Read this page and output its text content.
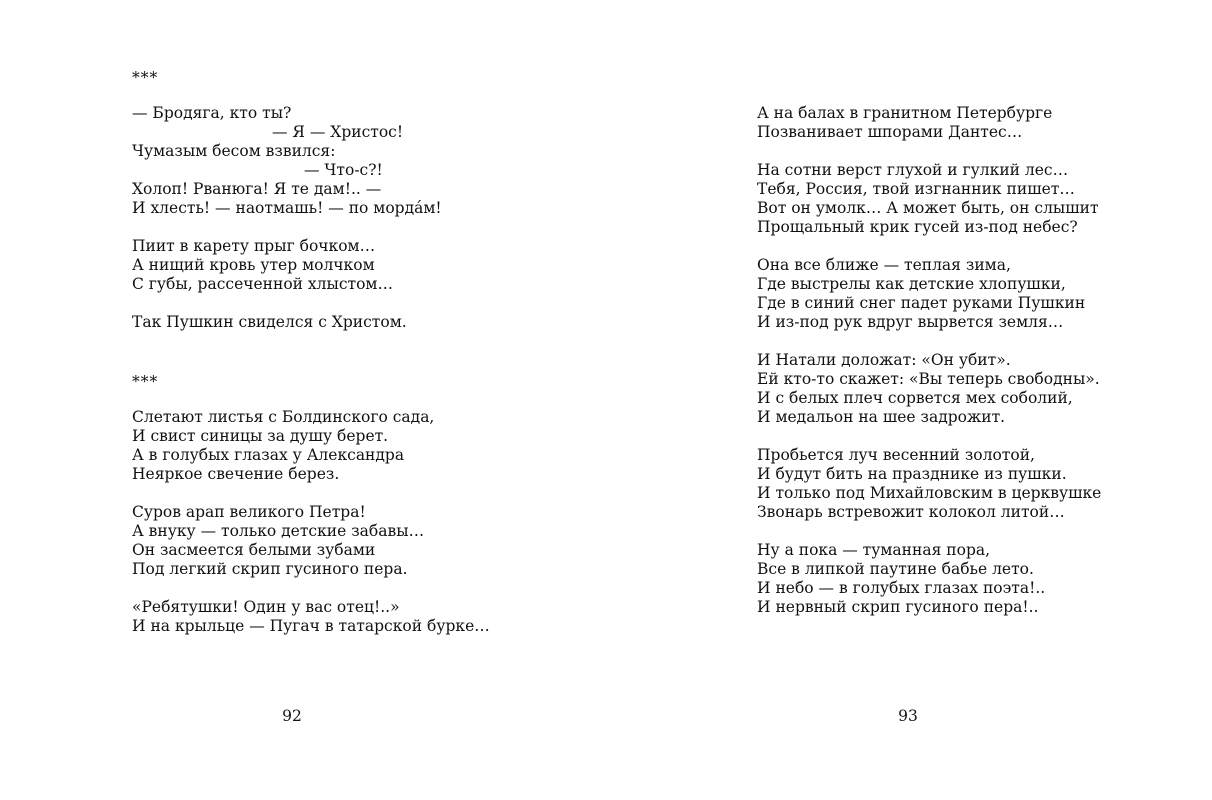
***
— Бродяга, кто ты?
— Я — Христос!
Чумазым бесом взвился:
— Что-с?!
Холоп! Рванюга! Я те дам!.. —
И хлесть! — наотмашь! — по мордáм!
Пиит в карету прыг бочком…
А нищий кровь утер молчком
С губы, рассеченной хлыстом…
Так Пушкин свиделся с Христом.
***
Слетают листья с Болдинского сада,
И свист синицы за душу берет.
А в голубых глазах у Александра
Неяркое свечение берез.
Суров арап великого Петра!
А внуку — только детские забавы…
Он засмеется белыми зубами
Под легкий скрип гусиного пера.
«Ребятушки! Один у вас отец!..»
И на крыльце — Пугач в татарской бурке…
92
А на балах в гранитном Петербурге
Позванивает шпорами Дантес…
На сотни верст глухой и гулкий лес…
Тебя, Россия, твой изгнанник пишет…
Вот он умолк… А может быть, он слышит
Прощальный крик гусей из-под небес?
Она все ближе — теплая зима,
Где выстрелы как детские хлопушки,
Где в синий снег падет руками Пушкин
И из-под рук вдруг вырвется земля…
И Натали доложат: «Он убит».
Ей кто-то скажет: «Вы теперь свободны».
И с белых плеч сорвется мех соболий,
И медальон на шее задрожит.
Пробьется луч весенний золотой,
И будут бить на празднике из пушки.
И только под Михайловским в церквушке
Звонарь встревожит колокол литой…
Ну а пока — туманная пора,
Все в липкой паутине бабье лето.
И небо — в голубых глазах поэта!..
И нервный скрип гусиного пера!..
93
